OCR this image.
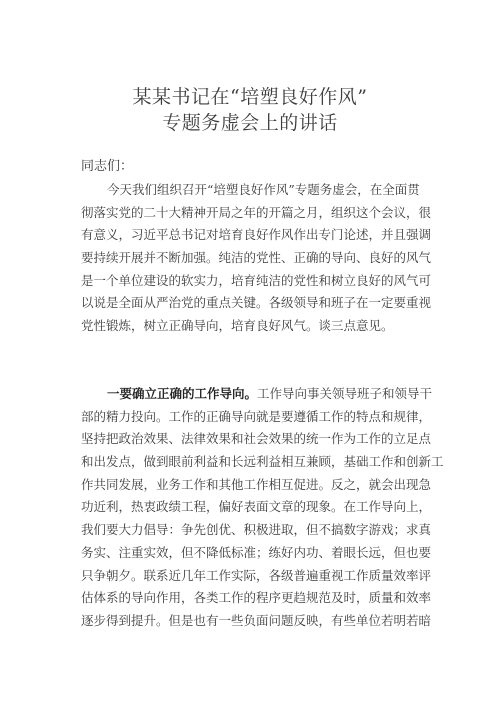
某某书记在“培塑良好作风”
专题务虚会上的讲话
同志们：
今天我们组织召开“培塑良好作风”专题务虚会，在全面贯
彻落实党的二十大精神开局之年的开篇之月，组织这个会议，很
有意义，习近平总书记对培育良好作风作出专门论述，并且强调
要持续开展并不断加强。纯洁的党性、正确的导向、良好的风气
是一个单位建设的软实力，培育纯洁的党性和树立良好的风气可
以说是全面从严治党的重点关键。各级领导和班子在一定要重视
党性锻炼，树立正确导向，培育良好风气。谈三点意见。
一要确立正确的工作导向。工作导向事关领导班子和领导干
部的精力投向。工作的正确导向就是要遵循工作的特点和规律，
坚持把政治效果、法律效果和社会效果的统一作为工作的立足点
和出发点，做到眼前利益和长远利益相互兼顾，基础工作和创新工
作共同发展，业务工作和其他工作相互促进。反之，就会出现急
功近利，热衷政绩工程，偏好表面文章的现象。在工作导向上，
我们要大力倡导：争先创优、积极进取，但不搞数字游戏；求真
务实、注重实效，但不降低标准；练好内功、着眼长远，但也要
只争朝夕。联系近几年工作实际，各级普遍重视工作质量效率评
估体系的导向作用，各类工作的程序更趋规范及时，质量和效率
逐步得到提升。但是也有一些负面问题反映，有些单位若明若暗
